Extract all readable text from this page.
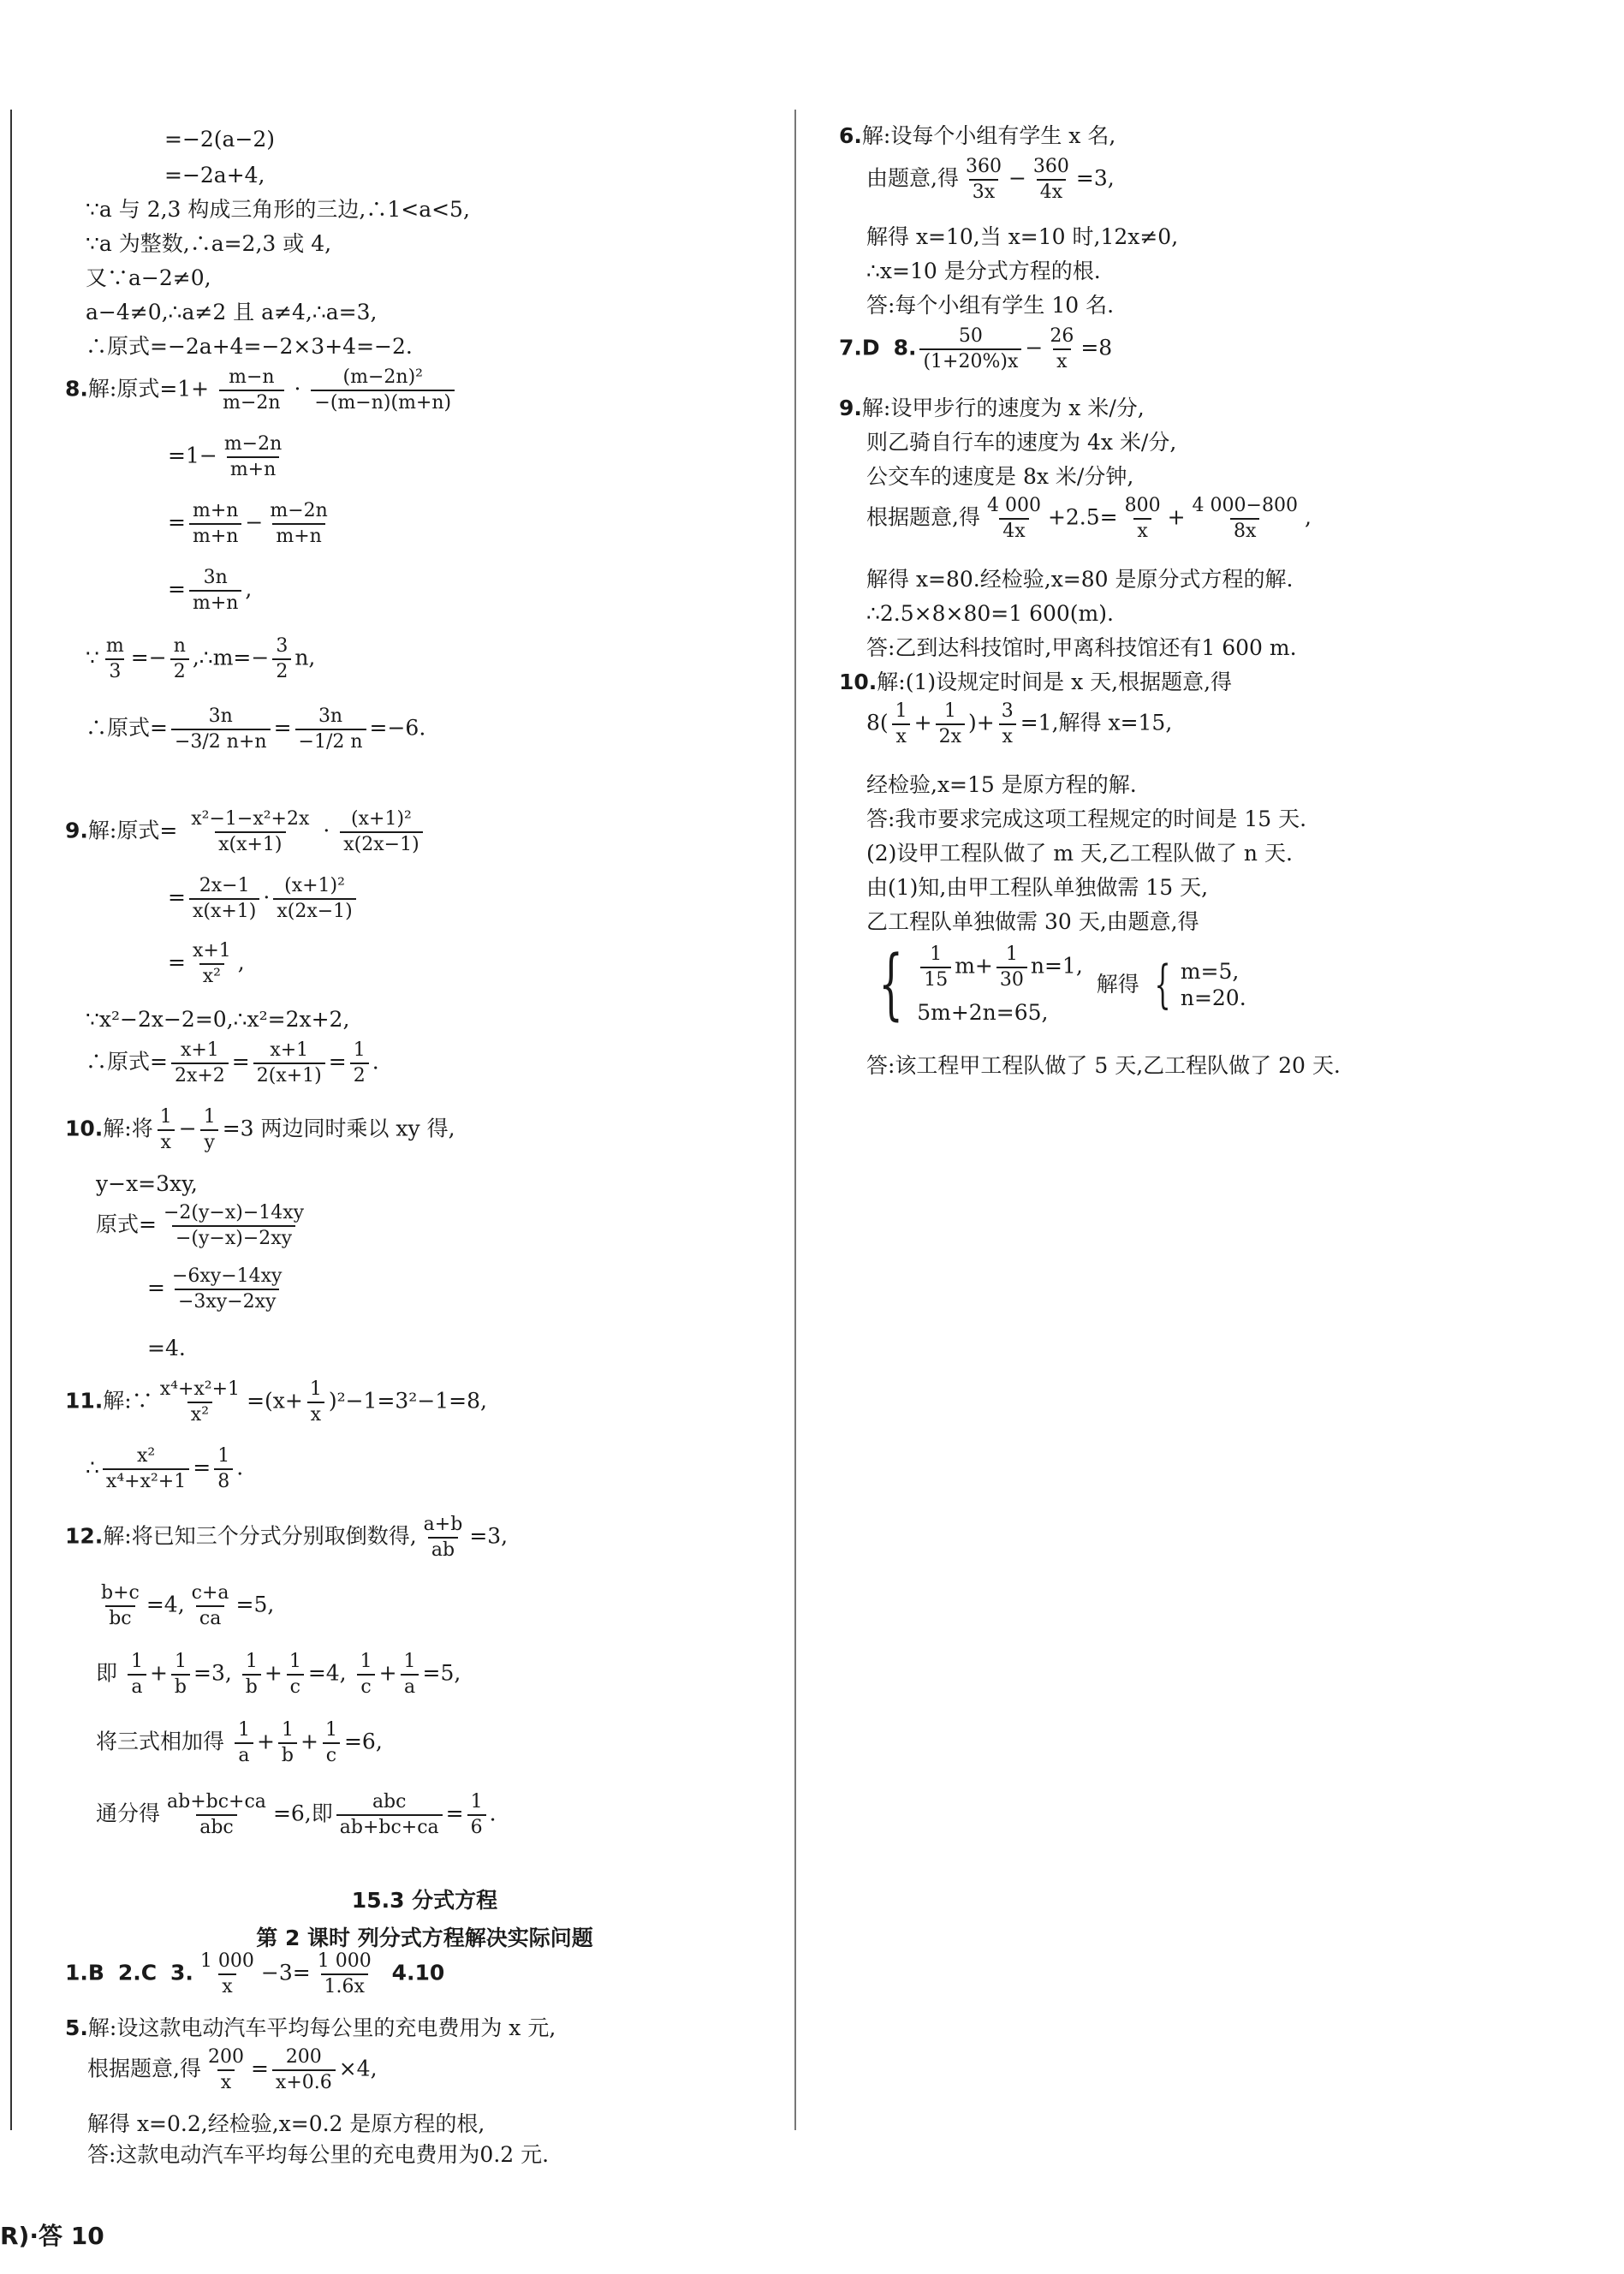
=−2(a−2)
=−2a+4,
∵a 与 2,3 构成三角形的三边,∴1<a<5,
∵a 为整数,∴a=2,3 或 4,
又∵a−2≠0,
a−4≠0,∴a≠2 且 a≠4,∴a=3,
∴原式=−2a+4=−2×3+4=−2.
8.解:原式$=1+ \frac{m-n}{m-2n} \cdot \frac{\text{(m−2n)²}}{-(m-n)(m+n)}$
$=1- \frac{m-2n}{m+n}$
= $\frac{m+n}{m+n} - \frac{m-2n}{m+n}$
= $\frac{3n}{m+n}$ ,
∵ $\frac{m}{3} =- \frac{n}{2}$ ,∴m=− $\frac{3}{2} n$,
∴原式= $\frac{3n}{-3/2 n+n} = \frac{3n}{-1/2 n} =-6$.
9.解:原式= $\frac{\text{x²−1−x²+2x}}{x(x+1)} \cdot \frac{\text{(x+1)²}}{x(2x-1)}$
= $\frac{2x-1}{x(x+1)} \cdot \frac{\text{(x+1)²}}{x(2x-1)}$
= $\frac{x+1}{\text{x²}}$ ,
∵x²−2x−2=0,∴x²=2x+2,
∴原式= $\frac{x+1}{2x+2} = \frac{x+1}{2(x+1)} = \frac{1}{2}$ .
10.解:将 $\frac{1}{x} - \frac{1}{y} =3$ 两边同时乘以 xy 得,
y−x=3xy,
原式= $\frac{-2(y-x)-14xy}{-(y-x)-2xy}$
= $\frac{-6xy-14xy}{-3xy-2xy}$
=4.
11.解:∵ $\frac{\text{x⁴+x²+1}}{\text{x²}} =(x+ \frac{1}{x} )^2-1=3^2-1=8$,
∴ $\frac{\text{x²}}{\text{x⁴+x²+1}} = \frac{1}{8}$ .
12.解:将已知三个分式分别取倒数得, $\frac{a+b}{ab} =3$,
$\frac{b+c}{bc} =4$, $\frac{c+a}{ca} =5$,
即 $\frac{1}{a} + \frac{1}{b} =3$, $\frac{1}{b} + \frac{1}{c} =4$, $\frac{1}{c} + \frac{1}{a} =5$,
将三式相加得 $\frac{1}{a} + \frac{1}{b} + \frac{1}{c} =6$,
通分得 $\frac{ab+bc+ca}{\text{abc}} =6$,即 $\frac{\text{abc}}{ab+bc+ca} = \frac{1}{6}$ .
15.3 分式方程
第 2 课时 列分式方程解决实际问题
1.B 2.C 3. $\frac{1 000}{x} -3= \frac{1 000}{1.6x} 4.10$
5.解:设这款电动汽车平均每公里的充电费用为 x 元,
根据题意,得 $\frac{200}{x} = \frac{200}{x+0.6} \times 4$,
解得 x=0.2,经检验,x=0.2 是原方程的根,
答:这款电动汽车平均每公里的充电费用为0.2 元.
6.解:设每个小组有学生 x 名,
由题意,得 $\frac{360}{3x} - \frac{360}{4x} =3$,
解得 x=10,当 x=10 时,12x≠0,
∴x=10 是分式方程的根.
答:每个小组有学生 10 名.
7.D 8. $\frac{50}{(1+20\%)x} - \frac{26}{x} =8$
9.解:设甲步行的速度为 x 米/分,
则乙骑自行车的速度为 4x 米/分,
公交车的速度是 8x 米/分钟,
根据题意,得 $\frac{4 000}{4x} +2.5= \frac{800}{x} + \frac{4 000-800}{8x}$ ,
解得 x=80.经检验,x=80 是原分式方程的解.
∴2.5×8×80=1 600(m).
答:乙到达科技馆时,甲离科技馆还有1 600 m.
10.解:(1)设规定时间是 x 天,根据题意,得
$8( \frac{1}{x} + \frac{1}{2x}$ )+ $\frac{3}{x} =1$,解得 x=15,
经检验,x=15 是原方程的解.
答:我市要求完成这项工程规定的时间是 15 天.
(2)设甲工程队做了 m 天,乙工程队做了 n 天.
由(1)知,由甲工程队单独做需 15 天,
乙工程队单独做需 30 天,由题意,得
{ $\frac{1}{15} m+ \frac{1}{30} n=1$,
5m+2n=65,
解得 { m=5,
n=20.
答:该工程甲工程队做了 5 天,乙工程队做了 20 天.
R)·答 10
